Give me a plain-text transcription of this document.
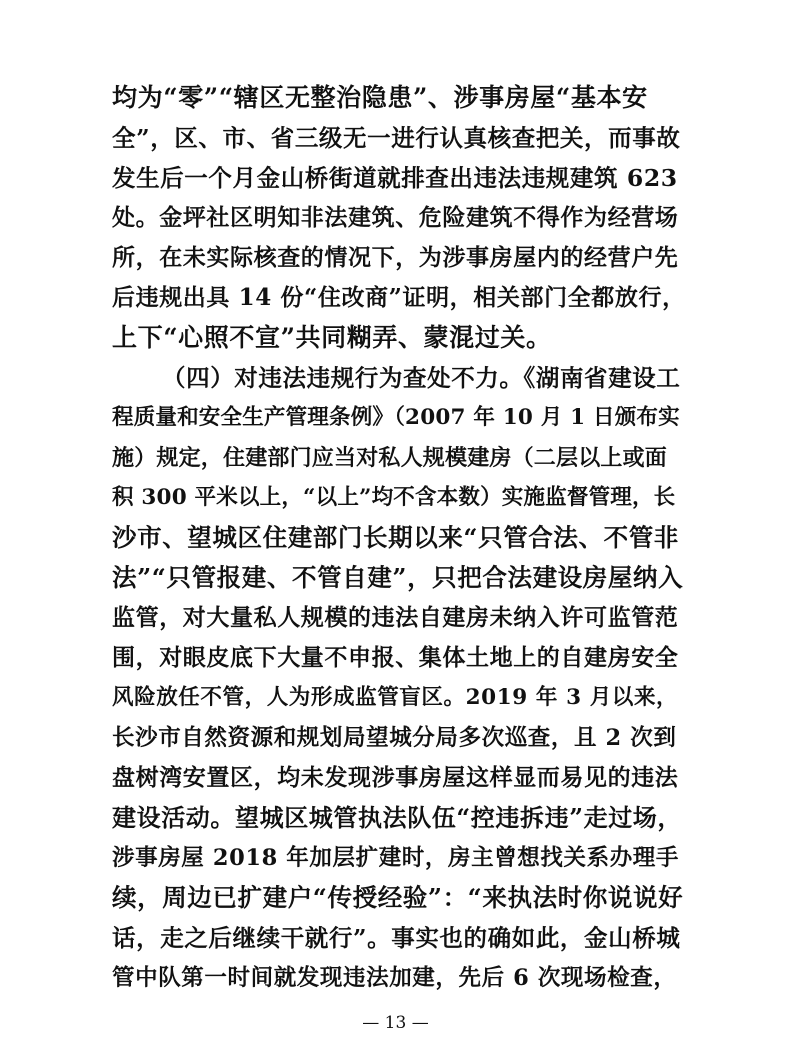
均为“零”“辖区无整治隐患”、涉事房屋“基本安
全”，区、市、省三级无一进行认真核查把关，而事故
发生后一个月金山桥街道就排查出违法违规建筑 623
处。金坪社区明知非法建筑、危险建筑不得作为经营场
所，在未实际核查的情况下，为涉事房屋内的经营户先
后违规出具 14 份“住改商”证明，相关部门全都放行，
上下“心照不宣”共同糊弄、蒙混过关。
（四）对违法违规行为查处不力。《湖南省建设工
程质量和安全生产管理条例》（2007 年 10 月 1 日颁布实
施）规定，住建部门应当对私人规模建房（二层以上或面
积 300 平米以上，“以上”均不含本数）实施监督管理，长
沙市、望城区住建部门长期以来“只管合法、不管非
法”“只管报建、不管自建”，只把合法建设房屋纳入
监管，对大量私人规模的违法自建房未纳入许可监管范
围，对眼皮底下大量不申报、集体土地上的自建房安全
风险放任不管，人为形成监管盲区。2019 年 3 月以来，
长沙市自然资源和规划局望城分局多次巡查，且 2 次到
盘树湾安置区，均未发现涉事房屋这样显而易见的违法
建设活动。望城区城管执法队伍“控违拆违”走过场，
涉事房屋 2018 年加层扩建时，房主曾想找关系办理手
续，周边已扩建户“传授经验”：“来执法时你说说好
话，走之后继续干就行”。事实也的确如此，金山桥城
管中队第一时间就发现违法加建，先后 6 次现场检查，
— 13 —
